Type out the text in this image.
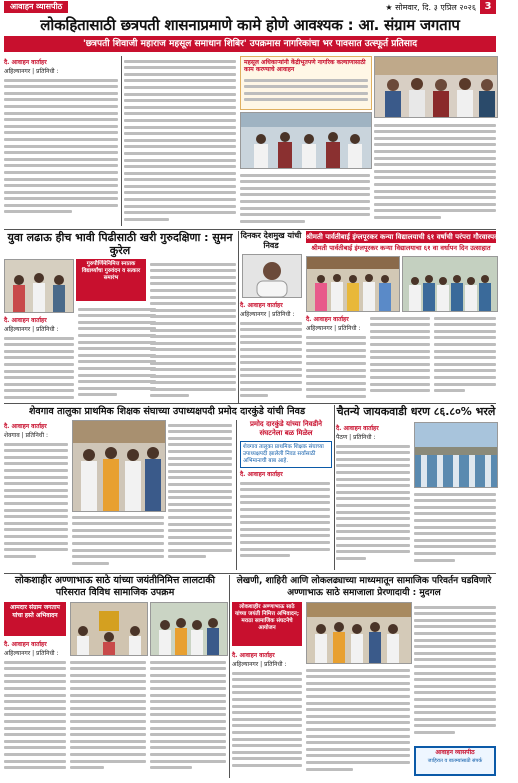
आवाहन व्यासपीठ	★ सोमवार, दि. ३ एप्रिल २०२६ 3
लोकहितासाठी छत्रपती शासनाप्रमाणे कामे होणे आवश्यक : आ. संग्राम जगताप
'छत्रपती शिवाजी महाराज महसूल समाधान शिबिर' उपक्रमास नागरिकांचा भर पावसात उत्स्फूर्त प्रतिसाद
दै. आवाहन वार्ताहर
अहिल्यानगर | प्रतिनिधी :
महसूल अधिकाऱ्यांनी केंद्रीभूतपणे नागरिक कल्याणासाठी काम करण्याचे आवाहन
युवा लढाऊ हीच भावी पिढीसाठी खरी गुरुदक्षिणा : सुमन कुरेल
गुरुपौर्णिमेनिमित्त स्नातक विद्यार्थ्यांचा गुरुवंदन व सत्कार समारंभ
दै. आवाहन वार्ताहर
अहिल्यानगर | प्रतिनिधी :
दिनकर देशमुख यांची निवड
दै. आवाहन वार्ताहर
अहिल्यानगर | प्रतिनिधी :
श्रीमती पार्वतीबाई इंग्लपूरकर कन्या विद्यालयाची ६१ वर्षाची परंपरा गौरवास्पद : रावते
श्रीमती पार्वतीबाई इंग्लपूरकर कन्या विद्यालयाचा ६१ वा वर्धापन दिन उत्साहात
दै. आवाहन वार्ताहर
अहिल्यानगर | प्रतिनिधी :
शेवगाव तालुका प्राथमिक शिक्षक संघाच्या उपाध्यक्षपदी प्रमोद दारकुंडे यांची निवड
दै. आवाहन वार्ताहर
शेवगाव | प्रतिनिधी :
प्रमोद दारकुंडे यांच्या निवडीने संघटनेला बळ मिळेल
शेवगाव तालुका प्राथमिक शिक्षक संघाच्या उपाध्यक्षपदी झालेली निवड सर्वांसाठी अभिमानाची बाब आहे.
दै. आवाहन वार्ताहर
चैतन्ये जायकवाडी धरण ८६.८०% भरले
दै. आवाहन वार्ताहर
पैठण | प्रतिनिधी :
लोकशाहीर अण्णाभाऊ साठे यांच्या जयंतीनिमित्त लालटाकी परिसरात विविध सामाजिक उपक्रम
आमदार संग्राम जगताप यांचा हस्ते अभिवादन
दै. आवाहन वार्ताहर
अहिल्यानगर | प्रतिनिधी :
लेखणी, शाहिरी आणि लोकलढ्याच्या माध्यमातून सामाजिक परिवर्तन घडविणारे अण्णाभाऊ साठे समाजाला प्रेरणादायी : मुदगल
लोकशाहीर अण्णाभाऊ साठे यांच्या जयंती निमित्त अभिवादन; मराठा सामाजिक संघटनेचे आयोजन
दै. आवाहन वार्ताहर
अहिल्यानगर | प्रतिनिधी :
आवाहन व्यासपीठ
जाहिरात व बातम्यांसाठी संपर्क
